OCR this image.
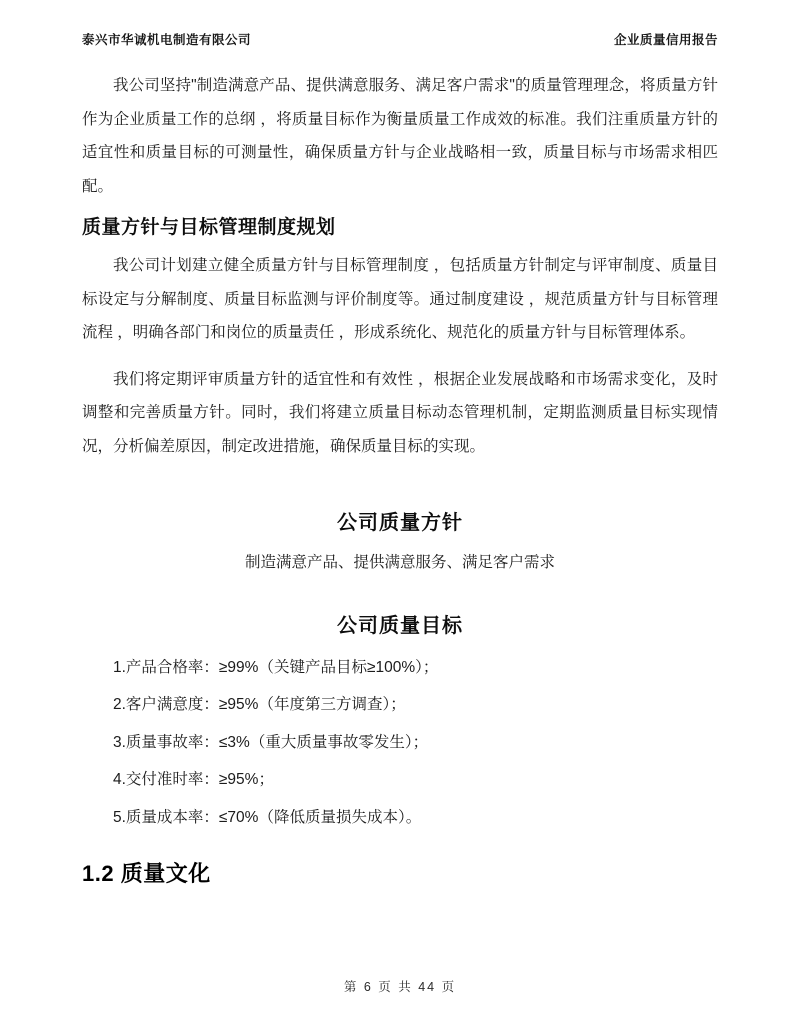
泰兴市华诚机电制造有限公司	企业质量信用报告

我公司坚持"制造满意产品、提供满意服务、满足客户需求"的质量管理理念，将质量方针作为企业质量工作的总纲 ，将质量目标作为衡量质量工作成效的标准。我们注重质量方针的适宜性和质量目标的可测量性，确保质量方针与企业战略相一致，质量目标与市场需求相匹配。

质量方针与目标管理制度规划

我公司计划建立健全质量方针与目标管理制度 ，包括质量方针制定与评审制度、质量目标设定与分解制度、质量目标监测与评价制度等。通过制度建设 ，规范质量方针与目标管理流程 ，明确各部门和岗位的质量责任 ，形成系统化、规范化的质量方针与目标管理体系。

我们将定期评审质量方针的适宜性和有效性 ，根据企业发展战略和市场需求变化，及时调整和完善质量方针。同时，我们将建立质量目标动态管理机制，定期监测质量目标实现情况，分析偏差原因，制定改进措施，确保质量目标的实现。

公司质量方针

制造满意产品、提供满意服务、满足客户需求

公司质量目标
1.产品合格率：≥99%（关键产品目标≥100%）；
2.客户满意度：≥95%（年度第三方调查）；
3.质量事故率：≤3%（重大质量事故零发生）；
4.交付准时率：≥95%；
5.质量成本率：≤70%（降低质量损失成本）。
1.2 质量文化
第 6 页 共 44 页
